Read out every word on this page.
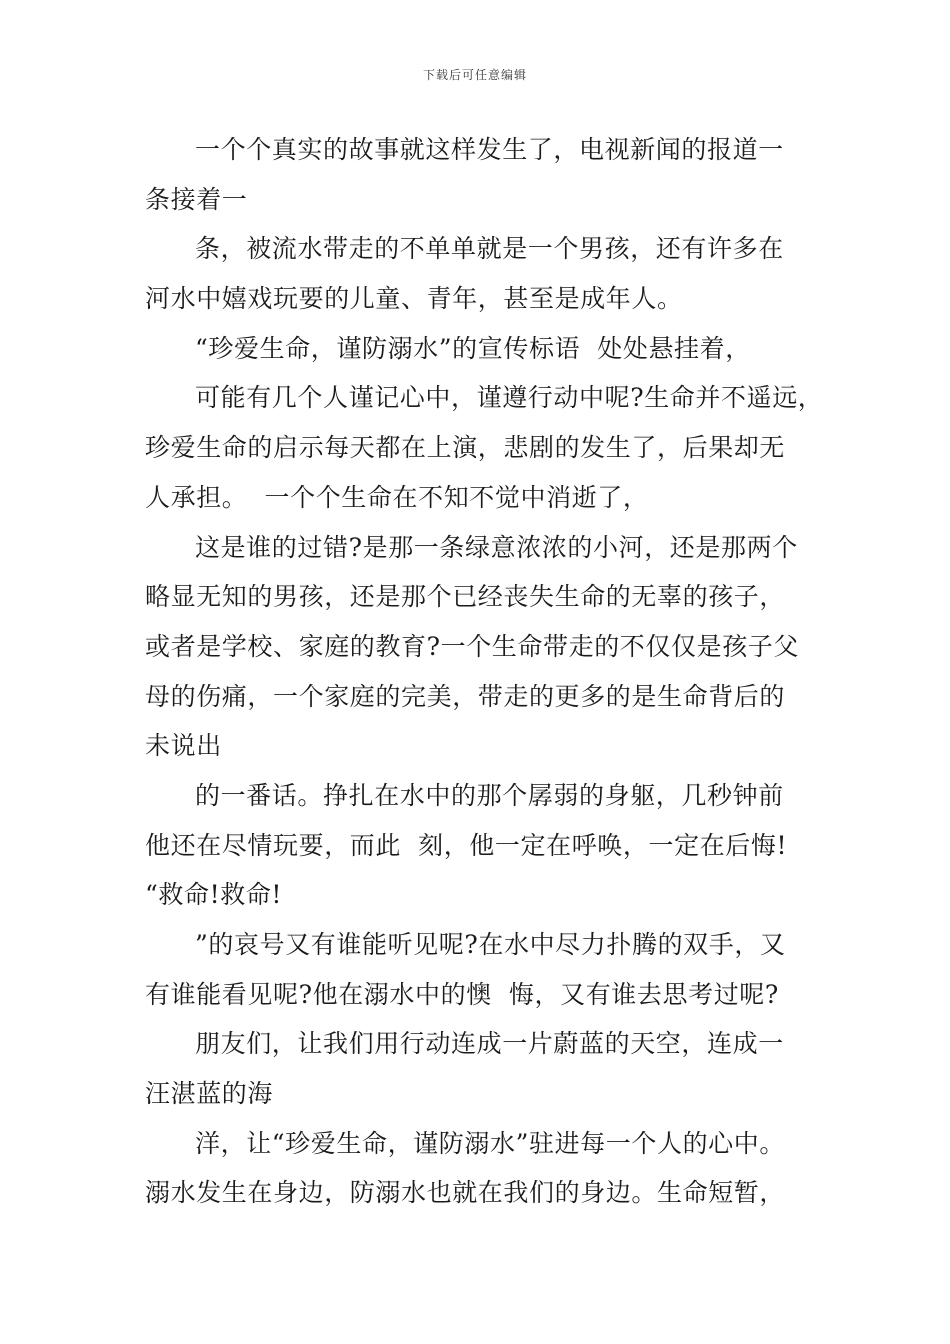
下载后可任意编辑
一个个真实的故事就这样发生了，电视新闻的报道一
条接着一
条，被流水带走的不单单就是一个男孩，还有许多在
河水中嬉戏玩要的儿童、青年，甚至是成年人。
“珍爱生命，谨防溺水”的宣传标语  处处悬挂着，
可能有几个人谨记心中，谨遵行动中呢?生命并不遥远，
珍爱生命的启示每天都在上演，悲剧的发生了，后果却无
人承担。  一个个生命在不知不觉中消逝了，
这是谁的过错?是那一条绿意浓浓的小河，还是那两个
略显无知的男孩，还是那个已经丧失生命的无辜的孩子，
或者是学校、家庭的教育?一个生命带走的不仅仅是孩子父
母的伤痛，一个家庭的完美，带走的更多的是生命背后的
未说出
的一番话。挣扎在水中的那个孱弱的身躯，几秒钟前
他还在尽情玩要，而此  刻，他一定在呼唤，一定在后悔!
“救命!救命!
”的哀号又有谁能听见呢?在水中尽力扑腾的双手，又
有谁能看见呢?他在溺水中的懊  悔，又有谁去思考过呢?
朋友们，让我们用行动连成一片蔚蓝的天空，连成一
汪湛蓝的海
洋，让“珍爱生命，谨防溺水”驻进每一个人的心中。
溺水发生在身边，防溺水也就在我们的身边。生命短暂，
